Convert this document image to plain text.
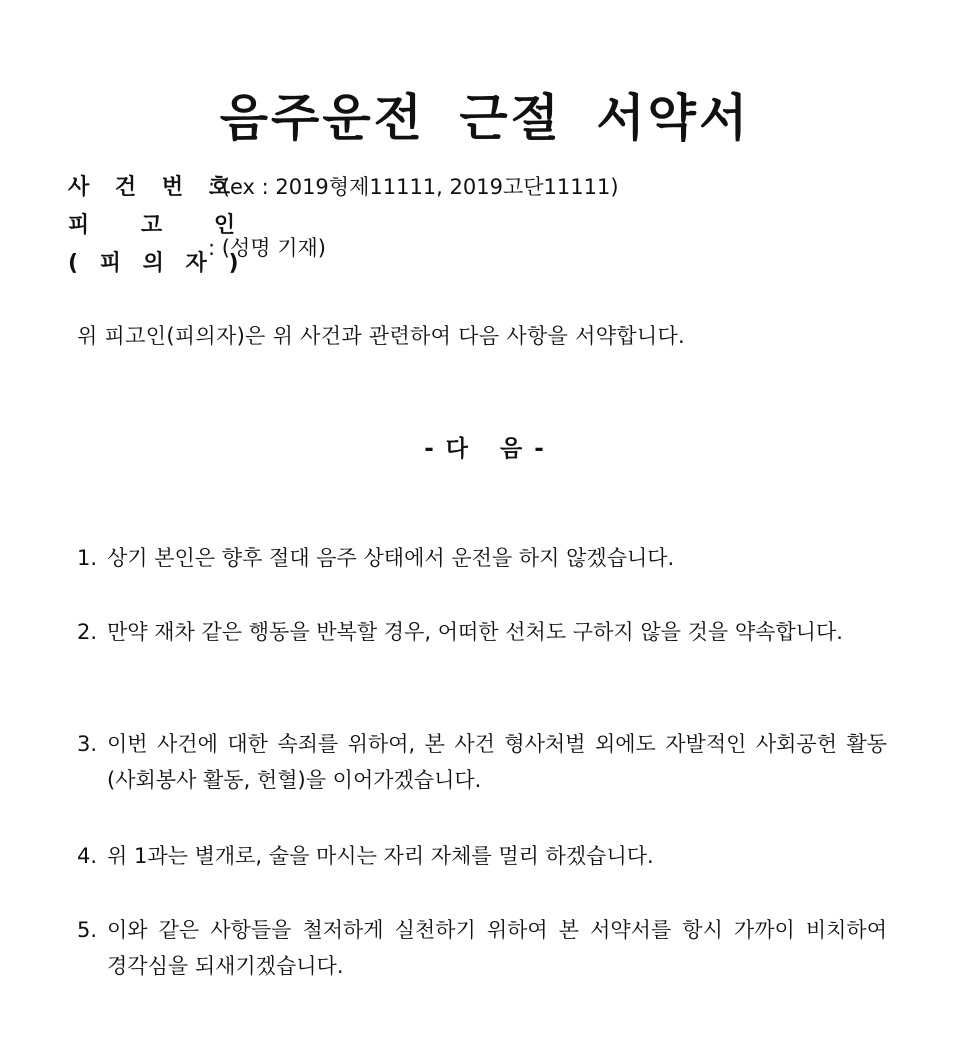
음주운전 근절 서약서
사 건 번 호
: (ex : 2019형제11111, 2019고단11111)
피 고 인
( 피 의 자 )
: (성명 기재)
위 피고인(피의자)은 위 사건과 관련하여 다음 사항을 서약합니다.
- 다   음 -
1. 상기 본인은 향후 절대 음주 상태에서 운전을 하지 않겠습니다.
2. 만약 재차 같은 행동을 반복할 경우, 어떠한 선처도 구하지 않을 것을 약속합니다.
3. 이번 사건에 대한 속죄를 위하여, 본 사건 형사처벌 외에도 자발적인 사회공헌 활동(사회봉사 활동, 헌혈)을 이어가겠습니다.
4. 위 1과는 별개로, 술을 마시는 자리 자체를 멀리 하겠습니다.
5. 이와 같은 사항들을 철저하게 실천하기 위하여 본 서약서를 항시 가까이 비치하여 경각심을 되새기겠습니다.
